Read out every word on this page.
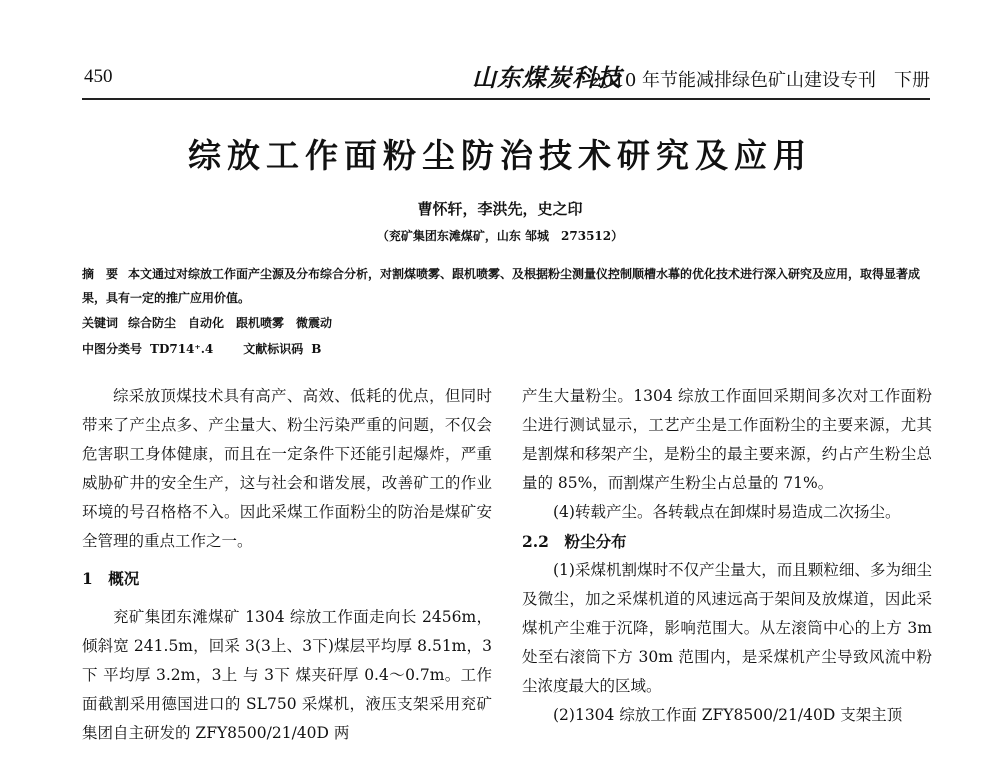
450	山东煤炭科技
2010 年节能减排绿色矿山建设专刊　下册
综放工作面粉尘防治技术研究及应用
曹怀轩，李洪先，史之印
（兖矿集团东滩煤矿，山东 邹城　273512）
摘　要 本文通过对综放工作面产尘源及分布综合分析，对割煤喷雾、跟机喷雾、及根据粉尘测量仪控制顺槽水幕的优化技术进行深入研究及应用，取得显著成果，具有一定的推广应用价值。
关键词 综合防尘　自动化　跟机喷雾　微震动
中图分类号 TD714⁺.4	文献标识码 B

综采放顶煤技术具有高产、高效、低耗的优点，但同时带来了产尘点多、产尘量大、粉尘污染严重的问题，不仅会危害职工身体健康，而且在一定条件下还能引起爆炸，严重威胁矿井的安全生产，这与社会和谐发展，改善矿工的作业环境的号召格格不入。因此采煤工作面粉尘的防治是煤矿安全管理的重点工作之一。

1　概况

兖矿集团东滩煤矿 1304 综放工作面走向长 2456m，倾斜宽 241.5m，回采 3(3上、3下)煤层平均厚 8.51m，3下 平均厚 3.2m，3上 与 3下 煤夹矸厚 0.4～0.7m。工作面截割采用德国进口的 SL750 采煤机，液压支架采用兖矿集团自主研发的 ZFY8500/21/40D 两

产生大量粉尘。1304 综放工作面回采期间多次对工作面粉尘进行测试显示，工艺产尘是工作面粉尘的主要来源，尤其是割煤和移架产尘，是粉尘的最主要来源，约占产生粉尘总量的 85%，而割煤产生粉尘占总量的 71%。

(4)转载产尘。各转载点在卸煤时易造成二次扬尘。

2.2　粉尘分布

(1)采煤机割煤时不仅产尘量大，而且颗粒细、多为细尘及微尘，加之采煤机道的风速远高于架间及放煤道，因此采煤机产尘难于沉降，影响范围大。从左滚筒中心的上方 3m 处至右滚筒下方 30m 范围内，是采煤机产尘导致风流中粉尘浓度最大的区域。

(2)1304 综放工作面 ZFY8500/21/40D 支架主顶
